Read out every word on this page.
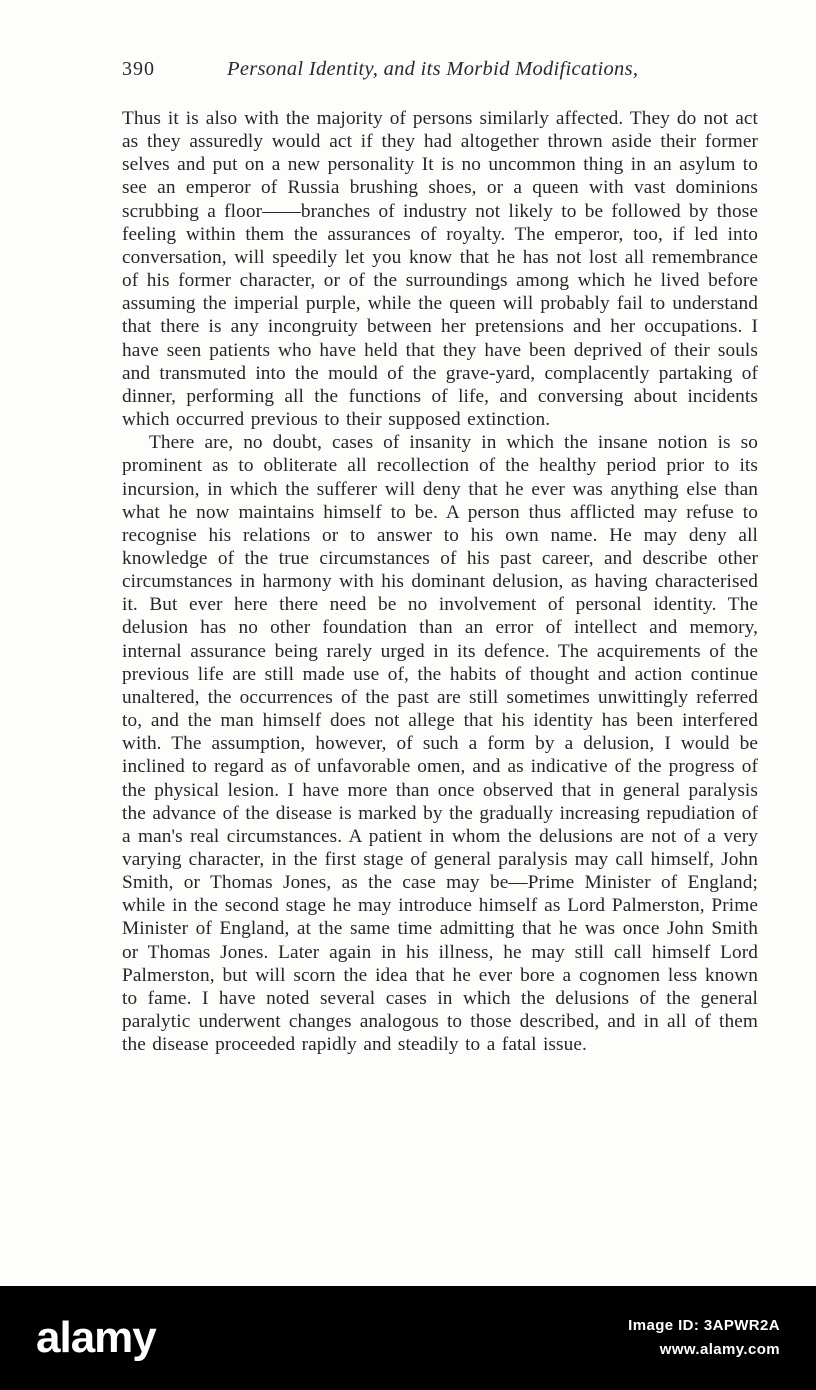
390	Personal Identity, and its Morbid Modifications,

Thus it is also with the majority of persons similarly affected. They do not act as they assuredly would act if they had altogether thrown aside their former selves and put on a new personality It is no uncommon thing in an asylum to see an emperor of Russia brushing shoes, or a queen with vast dominions scrubbing a floor——branches of industry not likely to be followed by those feeling within them the assurances of royalty. The emperor, too, if led into conversation, will speedily let you know that he has not lost all remembrance of his former character, or of the surroundings among which he lived before assuming the imperial purple, while the queen will probably fail to understand that there is any incongruity between her pretensions and her occupations. I have seen patients who have held that they have been deprived of their souls and transmuted into the mould of the grave-yard, complacently partaking of dinner, performing all the functions of life, and conversing about incidents which occurred previous to their supposed extinction.

There are, no doubt, cases of insanity in which the insane notion is so prominent as to obliterate all recollection of the healthy period prior to its incursion, in which the sufferer will deny that he ever was anything else than what he now maintains himself to be. A person thus afflicted may refuse to recognise his relations or to answer to his own name. He may deny all knowledge of the true circumstances of his past career, and describe other circumstances in harmony with his dominant delusion, as having characterised it. But ever here there need be no involvement of personal identity. The delusion has no other foundation than an error of intellect and memory, internal assurance being rarely urged in its defence. The acquirements of the previous life are still made use of, the habits of thought and action continue unaltered, the occurrences of the past are still sometimes unwittingly referred to, and the man himself does not allege that his identity has been interfered with. The assumption, however, of such a form by a delusion, I would be inclined to regard as of unfavorable omen, and as indicative of the progress of the physical lesion. I have more than once observed that in general paralysis the advance of the disease is marked by the gradually increasing repudiation of a man's real circumstances. A patient in whom the delusions are not of a very varying character, in the first stage of general paralysis may call himself, John Smith, or Thomas Jones, as the case may be—Prime Minister of England; while in the second stage he may introduce himself as Lord Palmerston, Prime Minister of England, at the same time admitting that he was once John Smith or Thomas Jones. Later again in his illness, he may still call himself Lord Palmerston, but will scorn the idea that he ever bore a cognomen less known to fame. I have noted several cases in which the delusions of the general paralytic underwent changes analogous to those described, and in all of them the disease proceeded rapidly and steadily to a fatal issue.

alamy	Image ID: 3APWR2A
www.alamy.com
